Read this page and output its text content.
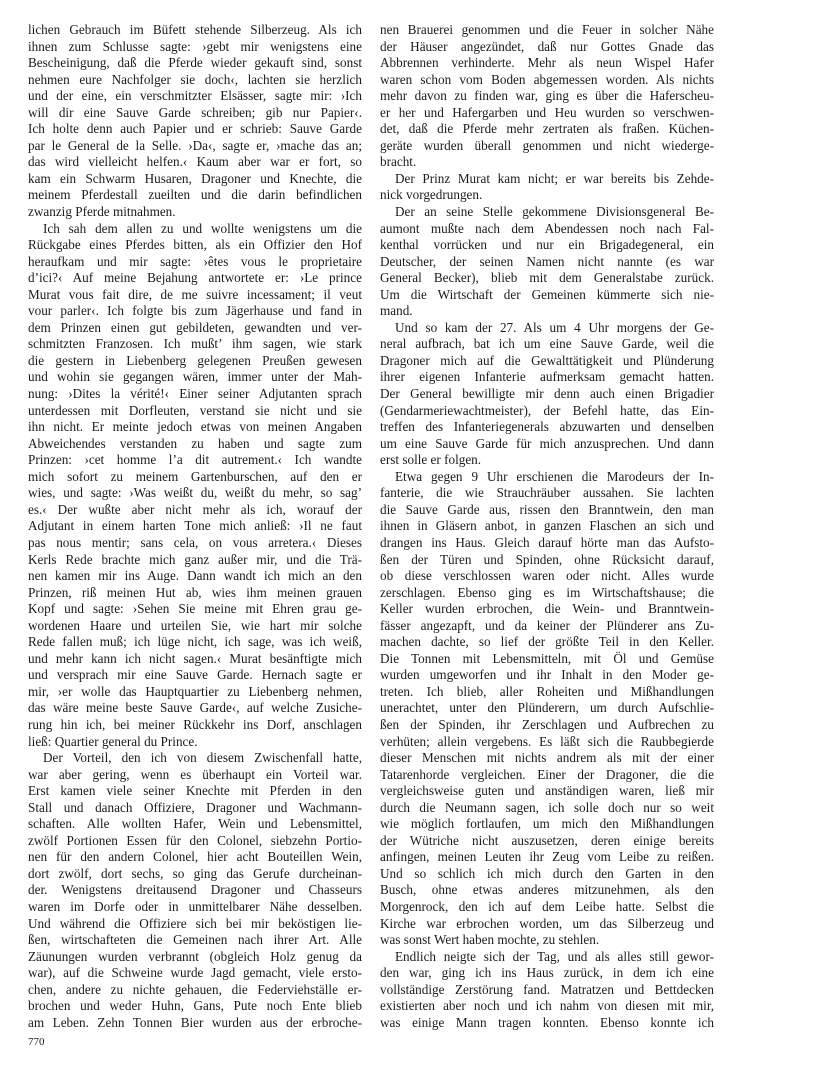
lichen Gebrauch im Büfett stehende Silberzeug. Als ich
ihnen zum Schlusse sagte: ›gebt mir wenigstens eine
Bescheinigung, daß die Pferde wieder gekauft sind, sonst
nehmen eure Nachfolger sie doch‹, lachten sie herzlich
und der eine, ein verschmitzter Elsässer, sagte mir: ›Ich
will dir eine Sauve Garde schreiben; gib nur Papier‹.
Ich holte denn auch Papier und er schrieb: Sauve Garde
par le General de la Selle. ›Da‹, sagte er, ›mache das an;
das wird vielleicht helfen.‹ Kaum aber war er fort, so
kam ein Schwarm Husaren, Dragoner und Knechte, die
meinem Pferdestall zueilten und die darin befindlichen
zwanzig Pferde mitnahmen.
Ich sah dem allen zu und wollte wenigstens um die
Rückgabe eines Pferdes bitten, als ein Offizier den Hof
heraufkam und mir sagte: ›êtes vous le proprietaire
d’ici?‹ Auf meine Bejahung antwortete er: ›Le prince
Murat vous fait dire, de me suivre incessament; il veut
vour parler‹. Ich folgte bis zum Jägerhause und fand in
dem Prinzen einen gut gebildeten, gewandten und ver-
schmitzten Franzosen. Ich mußt’ ihm sagen, wie stark
die gestern in Liebenberg gelegenen Preußen gewesen
und wohin sie gegangen wären, immer unter der Mah-
nung: ›Dites la vérité!‹ Einer seiner Adjutanten sprach
unterdessen mit Dorfleuten, verstand sie nicht und sie
ihn nicht. Er meinte jedoch etwas von meinen Angaben
Abweichendes verstanden zu haben und sagte zum
Prinzen: ›cet homme l’a dit autrement.‹ Ich wandte
mich sofort zu meinem Gartenburschen, auf den er
wies, und sagte: ›Was weißt du, weißt du mehr, so sag’
es.‹ Der wußte aber nicht mehr als ich, worauf der
Adjutant in einem harten Tone mich anließ: ›Il ne faut
pas nous mentir; sans cela, on vous arretera.‹ Dieses
Kerls Rede brachte mich ganz außer mir, und die Trä-
nen kamen mir ins Auge. Dann wandt ich mich an den
Prinzen, riß meinen Hut ab, wies ihm meinen grauen
Kopf und sagte: ›Sehen Sie meine mit Ehren grau ge-
wordenen Haare und urteilen Sie, wie hart mir solche
Rede fallen muß; ich lüge nicht, ich sage, was ich weiß,
und mehr kann ich nicht sagen.‹ Murat besänftigte mich
und versprach mir eine Sauve Garde. Hernach sagte er
mir, ›er wolle das Hauptquartier zu Liebenberg nehmen,
das wäre meine beste Sauve Garde‹, auf welche Zusiche-
rung hin ich, bei meiner Rückkehr ins Dorf, anschlagen
ließ: Quartier general du Prince.
Der Vorteil, den ich von diesem Zwischenfall hatte,
war aber gering, wenn es überhaupt ein Vorteil war.
Erst kamen viele seiner Knechte mit Pferden in den
Stall und danach Offiziere, Dragoner und Wachmann-
schaften. Alle wollten Hafer, Wein und Lebensmittel,
zwölf Portionen Essen für den Colonel, siebzehn Portio-
nen für den andern Colonel, hier acht Bouteillen Wein,
dort zwölf, dort sechs, so ging das Gerufe durcheinan-
der. Wenigstens dreitausend Dragoner und Chasseurs
waren im Dorfe oder in unmittelbarer Nähe desselben.
Und während die Offiziere sich bei mir beköstigen lie-
ßen, wirtschafteten die Gemeinen nach ihrer Art. Alle
Zäunungen wurden verbrannt (obgleich Holz genug da
war), auf die Schweine wurde Jagd gemacht, viele ersto-
chen, andere zu nichte gehauen, die Federviehställe er-
brochen und weder Huhn, Gans, Pute noch Ente blieb
am Leben. Zehn Tonnen Bier wurden aus der erbroche-
nen Brauerei genommen und die Feuer in solcher Nähe
der Häuser angezündet, daß nur Gottes Gnade das
Abbrennen verhinderte. Mehr als neun Wispel Hafer
waren schon vom Boden abgemessen worden. Als nichts
mehr davon zu finden war, ging es über die Haferscheu-
er her und Hafergarben und Heu wurden so verschwen-
det, daß die Pferde mehr zertraten als fraßen. Küchen-
geräte wurden überall genommen und nicht wiederge-
bracht.
Der Prinz Murat kam nicht; er war bereits bis Zehde-
nick vorgedrungen.
Der an seine Stelle gekommene Divisionsgeneral Be-
aumont mußte nach dem Abendessen noch nach Fal-
kenthal vorrücken und nur ein Brigadegeneral, ein
Deutscher, der seinen Namen nicht nannte (es war
General Becker), blieb mit dem Generalstabe zurück.
Um die Wirtschaft der Gemeinen kümmerte sich nie-
mand.
Und so kam der 27. Als um 4 Uhr morgens der Ge-
neral aufbrach, bat ich um eine Sauve Garde, weil die
Dragoner mich auf die Gewalttätigkeit und Plünderung
ihrer eigenen Infanterie aufmerksam gemacht hatten.
Der General bewilligte mir denn auch einen Brigadier
(Gendarmeriewachtmeister), der Befehl hatte, das Ein-
treffen des Infanteriegenerals abzuwarten und denselben
um eine Sauve Garde für mich anzusprechen. Und dann
erst solle er folgen.
Etwa gegen 9 Uhr erschienen die Marodeurs der In-
fanterie, die wie Strauchräuber aussahen. Sie lachten
die Sauve Garde aus, rissen den Branntwein, den man
ihnen in Gläsern anbot, in ganzen Flaschen an sich und
drangen ins Haus. Gleich darauf hörte man das Aufsto-
ßen der Türen und Spinden, ohne Rücksicht darauf,
ob diese verschlossen waren oder nicht. Alles wurde
zerschlagen. Ebenso ging es im Wirtschaftshause; die
Keller wurden erbrochen, die Wein- und Branntwein-
fässer angezapft, und da keiner der Plünderer ans Zu-
machen dachte, so lief der größte Teil in den Keller.
Die Tonnen mit Lebensmitteln, mit Öl und Gemüse
wurden umgeworfen und ihr Inhalt in den Moder ge-
treten. Ich blieb, aller Roheiten und Mißhandlungen
unerachtet, unter den Plünderern, um durch Aufschlie-
ßen der Spinden, ihr Zerschlagen und Aufbrechen zu
verhüten; allein vergebens. Es läßt sich die Raubbegierde
dieser Menschen mit nichts andrem als mit der einer
Tatarenhorde vergleichen. Einer der Dragoner, die die
vergleichsweise guten und anständigen waren, ließ mir
durch die Neumann sagen, ich solle doch nur so weit
wie möglich fortlaufen, um mich den Mißhandlungen
der Wütriche nicht auszusetzen, deren einige bereits
anfingen, meinen Leuten ihr Zeug vom Leibe zu reißen.
Und so schlich ich mich durch den Garten in den
Busch, ohne etwas anderes mitzunehmen, als den
Morgenrock, den ich auf dem Leibe hatte. Selbst die
Kirche war erbrochen worden, um das Silberzeug und
was sonst Wert haben mochte, zu stehlen.
Endlich neigte sich der Tag, und als alles still gewor-
den war, ging ich ins Haus zurück, in dem ich eine
vollständige Zerstörung fand. Matratzen und Bettdecken
existierten aber noch und ich nahm von diesen mit mir,
was einige Mann tragen konnten. Ebenso konnte ich
770
